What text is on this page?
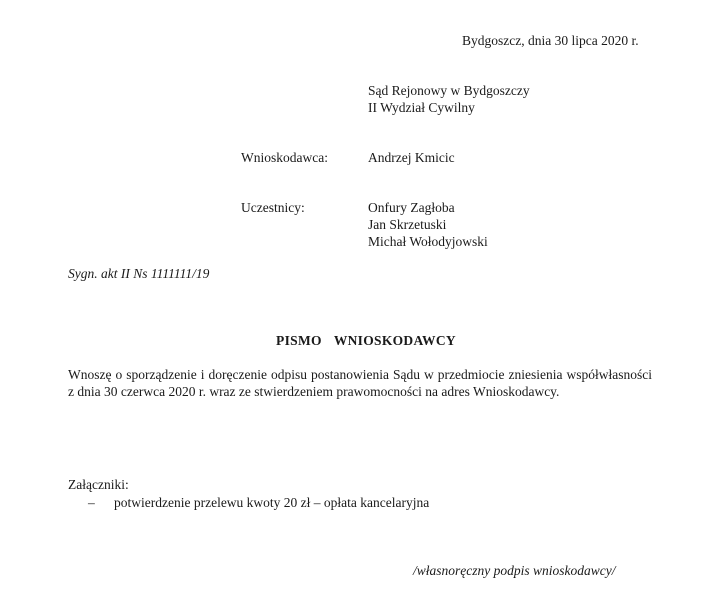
Bydgoszcz, dnia 30 lipca 2020 r.
Sąd Rejonowy w Bydgoszczy
II Wydział Cywilny
Wnioskodawca:	Andrzej Kmicic
Uczestnicy:	Onfury Zagłoba
Jan Skrzetuski
Michał Wołodyjowski
Sygn. akt II Ns 1111111/19
PISMO WNIOSKODAWCY
Wnoszę o sporządzenie i doręczenie odpisu postanowienia Sądu w przedmiocie zniesienia współwłasności z dnia 30 czerwca 2020 r. wraz ze stwierdzeniem prawomocności na adres Wnioskodawcy.
Załączniki:
– potwierdzenie przelewu kwoty 20 zł – opłata kancelaryjna
/własnoręczny podpis wnioskodawcy/
